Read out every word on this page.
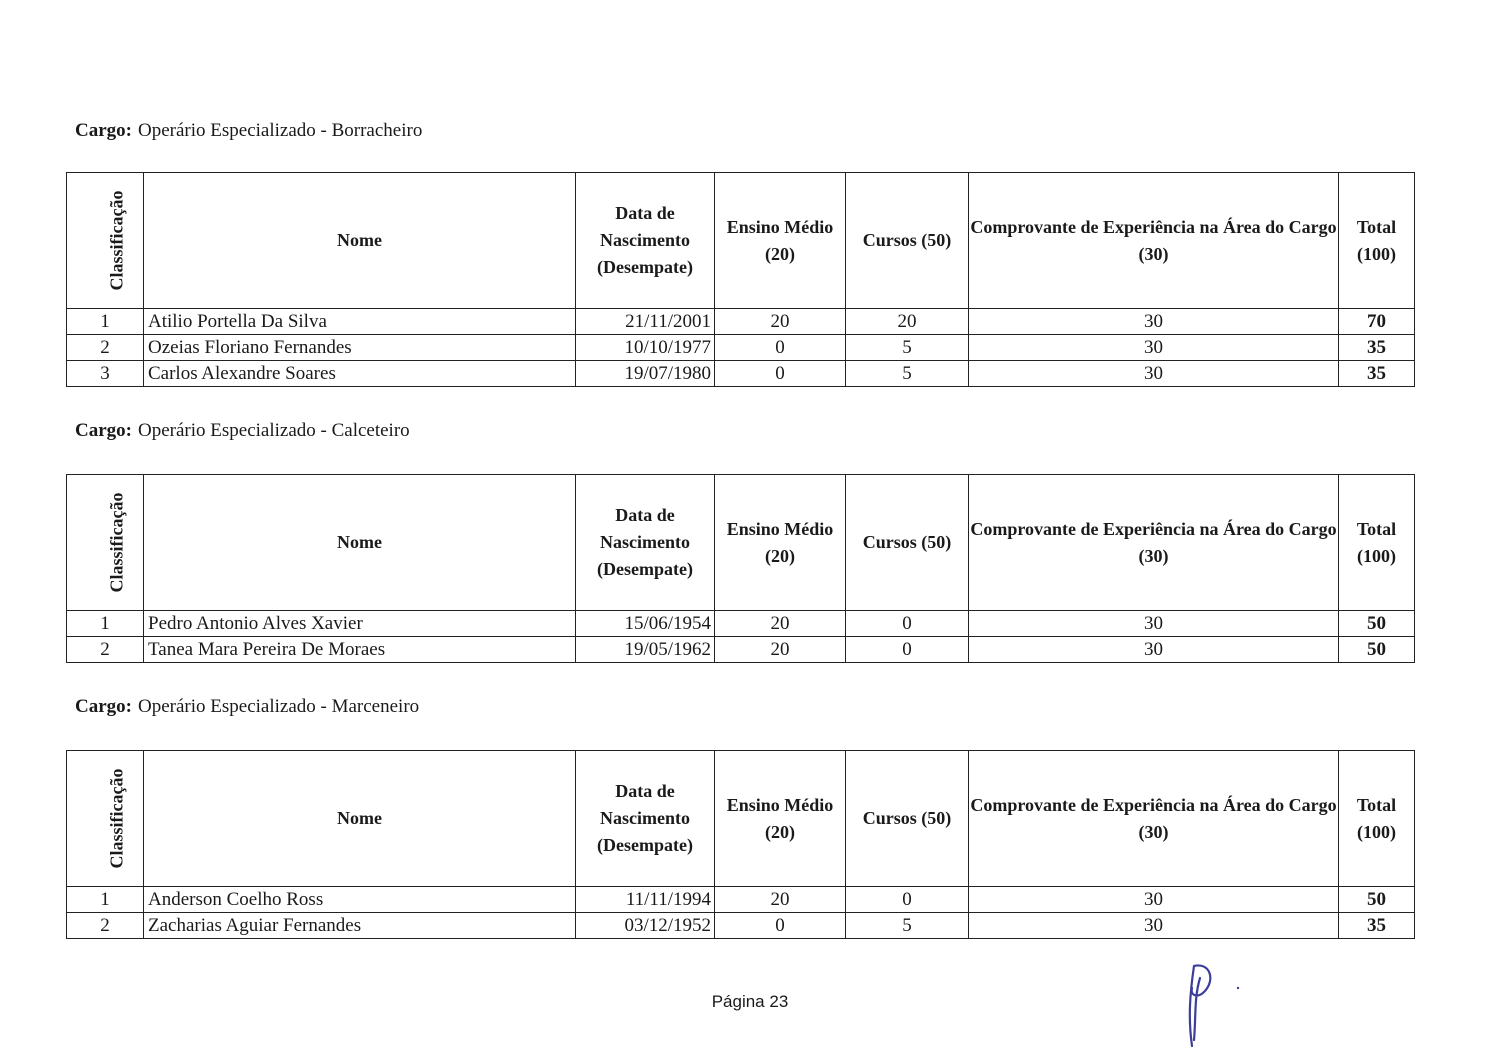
Cargo: Operário Especializado - Borracheiro
Classificação	Nome	Data de Nascimento (Desempate)	Ensino Médio (20)	Cursos (50)	Comprovante de Experiência na Área do Cargo (30)	Total (100)
1	Atilio Portella Da Silva	21/11/2001	20	20	30	70
2	Ozeias Floriano Fernandes	10/10/1977	0	5	30	35
3	Carlos Alexandre Soares	19/07/1980	0	5	30	35
Cargo: Operário Especializado - Calceteiro
Classificação	Nome	Data de Nascimento (Desempate)	Ensino Médio (20)	Cursos (50)	Comprovante de Experiência na Área do Cargo (30)	Total (100)
1	Pedro Antonio Alves Xavier	15/06/1954	20	0	30	50
2	Tanea Mara Pereira De Moraes	19/05/1962	20	0	30	50
Cargo: Operário Especializado - Marceneiro
Classificação	Nome	Data de Nascimento (Desempate)	Ensino Médio (20)	Cursos (50)	Comprovante de Experiência na Área do Cargo (30)	Total (100)
1	Anderson Coelho Ross	11/11/1994	20	0	30	50
2	Zacharias Aguiar Fernandes	03/12/1952	0	5	30	35
Página 23
